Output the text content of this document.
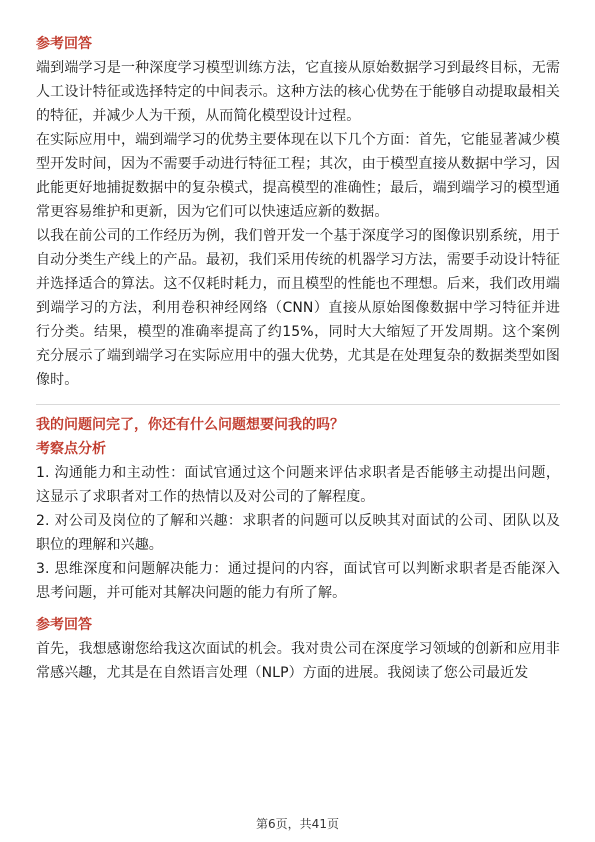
参考回答

端到端学习是一种深度学习模型训练方法，它直接从原始数据学习到最终目标，无需人工设计特征或选择特定的中间表示。这种方法的核心优势在于能够自动提取最相关的特征，并减少人为干预，从而简化模型设计过程。

在实际应用中，端到端学习的优势主要体现在以下几个方面：首先，它能显著减少模型开发时间，因为不需要手动进行特征工程；其次，由于模型直接从数据中学习，因此能更好地捕捉数据中的复杂模式，提高模型的准确性；最后，端到端学习的模型通常更容易维护和更新，因为它们可以快速适应新的数据。

以我在前公司的工作经历为例，我们曾开发一个基于深度学习的图像识别系统，用于自动分类生产线上的产品。最初，我们采用传统的机器学习方法，需要手动设计特征并选择适合的算法。这不仅耗时耗力，而且模型的性能也不理想。后来，我们改用端到端学习的方法，利用卷积神经网络（CNN）直接从原始图像数据中学习特征并进行分类。结果，模型的准确率提高了约15%，同时大大缩短了开发周期。这个案例充分展示了端到端学习在实际应用中的强大优势，尤其是在处理复杂的数据类型如图像时。

我的问题问完了，你还有什么问题想要问我的吗？
考察点分析

1. 沟通能力和主动性：面试官通过这个问题来评估求职者是否能够主动提出问题，这显示了求职者对工作的热情以及对公司的了解程度。

2. 对公司及岗位的了解和兴趣：求职者的问题可以反映其对面试的公司、团队以及职位的理解和兴趣。

3. 思维深度和问题解决能力：通过提问的内容，面试官可以判断求职者是否能深入思考问题，并可能对其解决问题的能力有所了解。

参考回答

首先，我想感谢您给我这次面试的机会。我对贵公司在深度学习领域的创新和应用非常感兴趣，尤其是在自然语言处理（NLP）方面的进展。我阅读了您公司最近发

第6页，共41页
